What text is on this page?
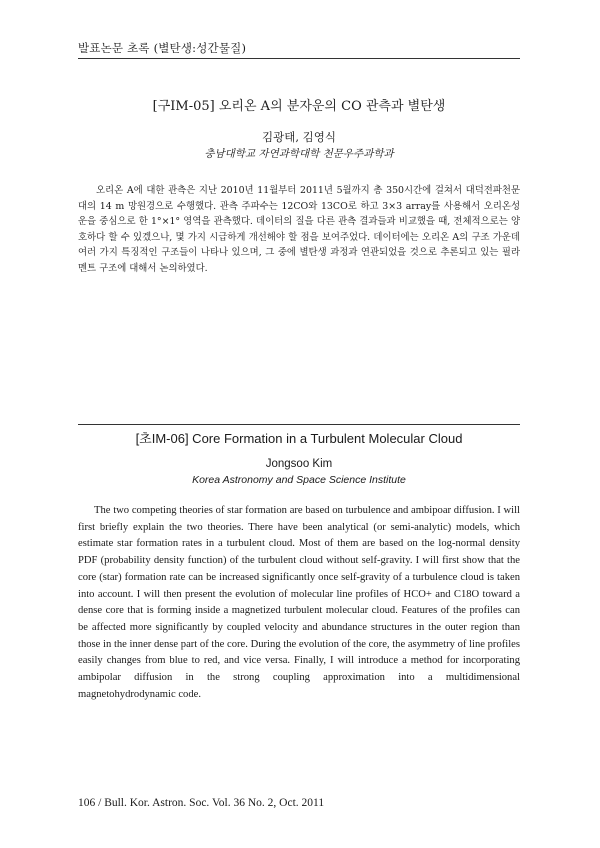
발표논문 초록 (별탄생:성간물질)
[구IM-05] 오리온 A의 분자운의 CO 관측과 별탄생
김광태, 김영식
충남대학교 자연과학대학 천문우주과학과

오리온 A에 대한 관측은 지난 2010년 11월부터 2011년 5월까지 총 350시간에 걸쳐서 대덕전파천문대의 14 m 망원경으로 수행했다. 관측 주파수는 12CO와 13CO로 하고 3×3 array를 사용해서 오리온성운을 중심으로 한 1°×1° 영역을 관측했다. 데이터의 질을 다른 관측 결과들과 비교했을 때, 전체적으로는 양호하다 할 수 있겠으나, 몇 가지 시급하게 개선해야 할 점을 보여주었다. 데이터에는 오리온 A의 구조 가운데 여러 가지 특징적인 구조들이 나타나 있으며, 그 중에 별탄생 과정과 연관되었을 것으로 추론되고 있는 필라멘트 구조에 대해서 논의하였다.

[초IM-06] Core Formation in a Turbulent Molecular Cloud
Jongsoo Kim
Korea Astronomy and Space Science Institute

The two competing theories of star formation are based on turbulence and ambipoar diffusion. I will first briefly explain the two theories. There have been analytical (or semi-analytic) models, which estimate star formation rates in a turbulent cloud. Most of them are based on the log-normal density PDF (probability density function) of the turbulent cloud without self-gravity. I will first show that the core (star) formation rate can be increased significantly once self-gravity of a turbulence cloud is taken into account. I will then present the evolution of molecular line profiles of HCO+ and C18O toward a dense core that is forming inside a magnetized turbulent molecular cloud. Features of the profiles can be affected more significantly by coupled velocity and abundance structures in the outer region than those in the inner dense part of the core. During the evolution of the core, the asymmetry of line profiles easily changes from blue to red, and vice versa. Finally, I will introduce a method for incorporating ambipolar diffusion in the strong coupling approximation into a multidimensional magnetohydrodynamic code.

106 / Bull. Kor. Astron. Soc. Vol. 36 No. 2, Oct. 2011
